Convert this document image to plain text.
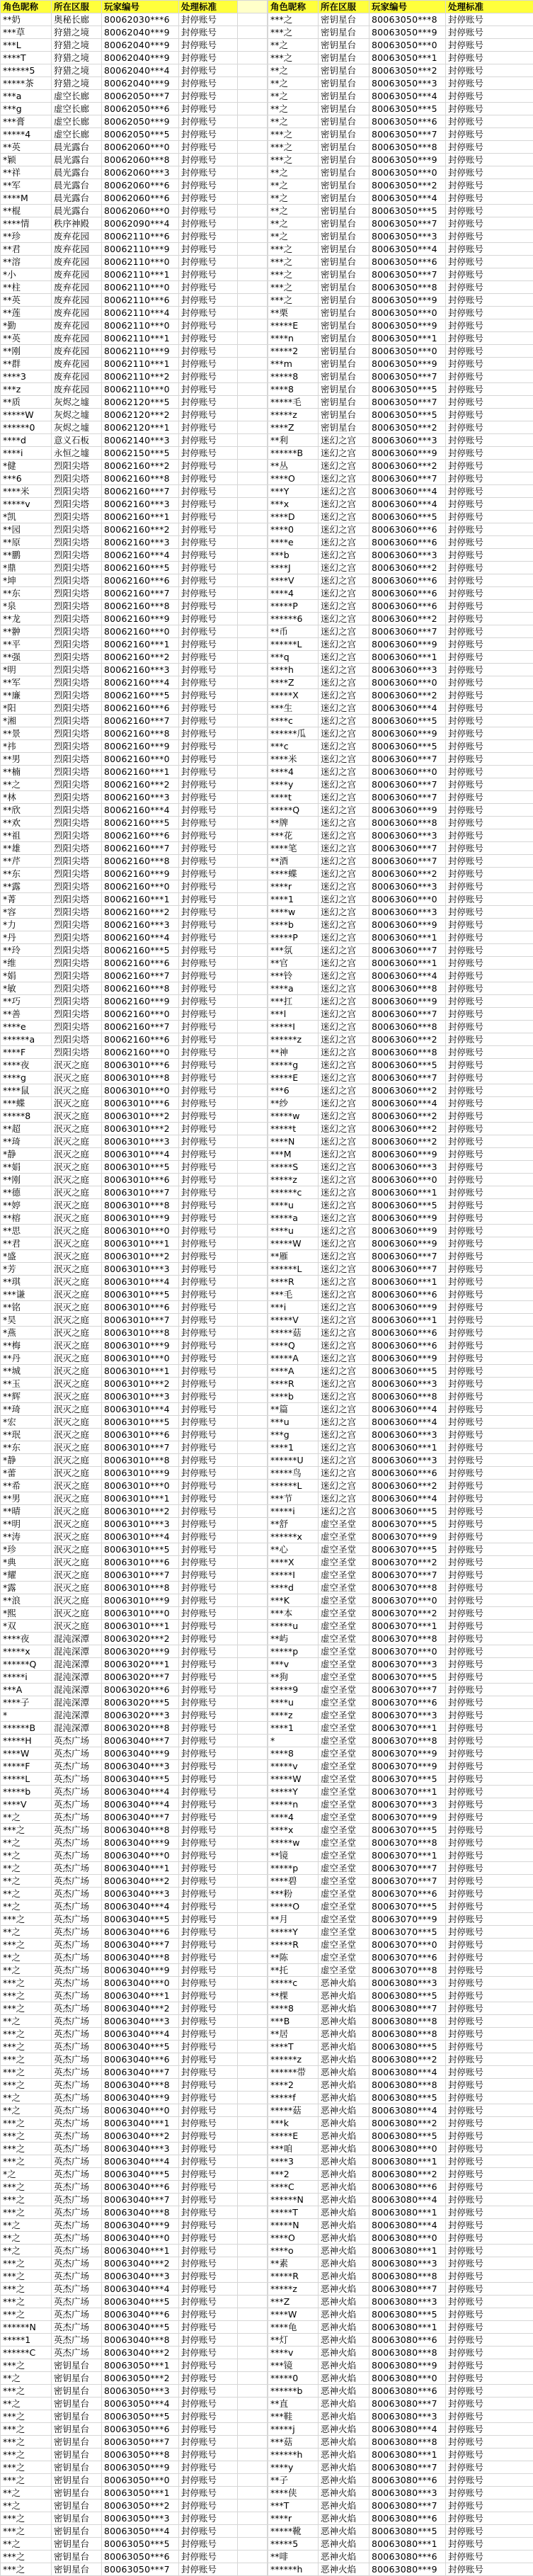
角色昵称	所在区服	玩家编号	处理标准	
**奶	奥秘长廊	80062030***6	封停账号	
***草	狩猎之境	80062040***9	封停账号	
***L	狩猎之境	80062040***9	封停账号	
****T	狩猎之境	80062040***9	封停账号	
******5	狩猎之境	80062040***4	封停账号	
*****茶	狩猎之境	80062040***9	封停账号	
***a	虚空长廊	80062050***7	封停账号	
***g	虚空长廊	80062050***6	封停账号	
***膏	虚空长廊	80062050***9	封停账号	
*****4	虚空长廊	80062050***5	封停账号	
**英	晨光露台	80062060***0	封停账号	
*颖	晨光露台	80062060***8	封停账号	
**祥	晨光露台	80062060***3	封停账号	
**军	晨光露台	80062060***6	封停账号	
****M	晨光露台	80062060***6	封停账号	
**棍	晨光露台	80062060***0	封停账号	
****情	秩序神殿	80062090***4	封停账号	
**珍	废弃花园	80062110***6	封停账号	
**君	废弃花园	80062110***9	封停账号	
**溶	废弃花园	80062110***0	封停账号	
*小	废弃花园	80062110***1	封停账号	
**柱	废弃花园	80062110***0	封停账号	
**英	废弃花园	80062110***6	封停账号	
**莲	废弃花园	80062110***4	封停账号	
*勤	废弃花园	80062110***0	封停账号	
**英	废弃花园	80062110***1	封停账号	
**刚	废弃花园	80062110***9	封停账号	
**群	废弃花园	80062110***1	封停账号	
****3	废弃花园	80062110***2	封停账号	
***z	废弃花园	80062110***0	封停账号	
**质	灰烬之墟	80062120***5	封停账号	
*****W	灰烬之墟	80062120***2	封停账号	
******0	灰烬之墟	80062120***1	封停账号	
****d	意义石板	80062140***3	封停账号	
****i	永恒之墟	80062150***5	封停账号	
*健	烈阳尖塔	80062160***2	封停账号	
***6	烈阳尖塔	80062160***8	封停账号	
****米	烈阳尖塔	80062160***7	封停账号	
*****v	烈阳尖塔	80062160***3	封停账号	
*凯	烈阳尖塔	80062160***1	封停账号	
**园	烈阳尖塔	80062160***2	封停账号	
**原	烈阳尖塔	80062160***3	封停账号	
**鹏	烈阳尖塔	80062160***4	封停账号	
*鼎	烈阳尖塔	80062160***5	封停账号	
*坤	烈阳尖塔	80062160***6	封停账号	
**东	烈阳尖塔	80062160***7	封停账号	
*泉	烈阳尖塔	80062160***8	封停账号	
**龙	烈阳尖塔	80062160***9	封停账号	
**翀	烈阳尖塔	80062160***0	封停账号	
**平	烈阳尖塔	80062160***1	封停账号	
**强	烈阳尖塔	80062160***2	封停账号	
*明	烈阳尖塔	80062160***3	封停账号	
**军	烈阳尖塔	80062160***4	封停账号	
**廉	烈阳尖塔	80062160***5	封停账号	
*阳	烈阳尖塔	80062160***6	封停账号	
*湘	烈阳尖塔	80062160***7	封停账号	
**景	烈阳尖塔	80062160***8	封停账号	
*祎	烈阳尖塔	80062160***9	封停账号	
**男	烈阳尖塔	80062160***0	封停账号	
**楠	烈阳尖塔	80062160***1	封停账号	
**之	烈阳尖塔	80062160***2	封停账号	
*林	烈阳尖塔	80062160***3	封停账号	
**欣	烈阳尖塔	80062160***4	封停账号	
**欢	烈阳尖塔	80062160***5	封停账号	
**祖	烈阳尖塔	80062160***6	封停账号	
**雄	烈阳尖塔	80062160***7	封停账号	
**芹	烈阳尖塔	80062160***8	封停账号	
**东	烈阳尖塔	80062160***9	封停账号	
**露	烈阳尖塔	80062160***0	封停账号	
*菁	烈阳尖塔	80062160***1	封停账号	
*容	烈阳尖塔	80062160***2	封停账号	
*力	烈阳尖塔	80062160***3	封停账号	
*丹	烈阳尖塔	80062160***4	封停账号	
**玲	烈阳尖塔	80062160***5	封停账号	
*维	烈阳尖塔	80062160***6	封停账号	
*娟	烈阳尖塔	80062160***7	封停账号	
*敏	烈阳尖塔	80062160***8	封停账号	
**巧	烈阳尖塔	80062160***9	封停账号	
**善	烈阳尖塔	80062160***0	封停账号	
****e	烈阳尖塔	80062160***7	封停账号	
******a	烈阳尖塔	80062160***6	封停账号	
****F	烈阳尖塔	80062160***0	封停账号	
****夜	泯灭之庭	80063010***6	封停账号	
****g	泯灭之庭	80063010***8	封停账号	
****鼠	泯灭之庭	80063010***0	封停账号	
***蝶	泯灭之庭	80063010***6	封停账号	
*****8	泯灭之庭	80063010***2	封停账号	
**超	泯灭之庭	80063010***2	封停账号	
**琦	泯灭之庭	80063010***3	封停账号	
*静	泯灭之庭	80063010***4	封停账号	
**娟	泯灭之庭	80063010***5	封停账号	
**刚	泯灭之庭	80063010***6	封停账号	
**德	泯灭之庭	80063010***7	封停账号	
**婷	泯灭之庭	80063010***8	封停账号	
**榕	泯灭之庭	80063010***9	封停账号	
**思	泯灭之庭	80063010***0	封停账号	
**君	泯灭之庭	80063010***1	封停账号	
*盛	泯灭之庭	80063010***2	封停账号	
*芳	泯灭之庭	80063010***3	封停账号	
**琪	泯灭之庭	80063010***4	封停账号	
***谦	泯灭之庭	80063010***5	封停账号	
**铭	泯灭之庭	80063010***6	封停账号	
*昊	泯灭之庭	80063010***7	封停账号	
*燕	泯灭之庭	80063010***8	封停账号	
**梅	泯灭之庭	80063010***9	封停账号	
**丹	泯灭之庭	80063010***0	封停账号	
**城	泯灭之庭	80063010***1	封停账号	
**玉	泯灭之庭	80063010***2	封停账号	
**辉	泯灭之庭	80063010***3	封停账号	
**琦	泯灭之庭	80063010***4	封停账号	
*宏	泯灭之庭	80063010***5	封停账号	
**珉	泯灭之庭	80063010***6	封停账号	
**东	泯灭之庭	80063010***7	封停账号	
*静	泯灭之庭	80063010***8	封停账号	
*蕾	泯灭之庭	80063010***9	封停账号	
**希	泯灭之庭	80063010***0	封停账号	
**男	泯灭之庭	80063010***1	封停账号	
**晴	泯灭之庭	80063010***2	封停账号	
**明	泯灭之庭	80063010***3	封停账号	
**涛	泯灭之庭	80063010***4	封停账号	
*珍	泯灭之庭	80063010***5	封停账号	
*典	泯灭之庭	80063010***6	封停账号	
*耀	泯灭之庭	80063010***7	封停账号	
*露	泯灭之庭	80063010***8	封停账号	
**浪	泯灭之庭	80063010***9	封停账号	
*熙	泯灭之庭	80063010***0	封停账号	
*双	泯灭之庭	80063010***1	封停账号	
****夜	混沌深潭	80063020***2	封停账号	
*****x	混沌深潭	80063020***9	封停账号	
******Q	混沌深潭	80063020***1	封停账号	
*****i	混沌深潭	80063020***7	封停账号	
***A	混沌深潭	80063020***6	封停账号	
****子	混沌深潭	80063020***5	封停账号	
*	混沌深潭	80063020***3	封停账号	
******B	混沌深潭	80063020***8	封停账号	
*****H	英杰广场	80063040***7	封停账号	
****W	英杰广场	80063040***9	封停账号	
*****F	英杰广场	80063040***3	封停账号	
*****L	英杰广场	80063040***5	封停账号	
*****b	英杰广场	80063040***4	封停账号	
****V	英杰广场	80063040***4	封停账号	
**之	英杰广场	80063040***7	封停账号	
***之	英杰广场	80063040***8	封停账号	
**之	英杰广场	80063040***9	封停账号	
**之	英杰广场	80063040***0	封停账号	
**之	英杰广场	80063040***1	封停账号	
**之	英杰广场	80063040***2	封停账号	
**之	英杰广场	80063040***3	封停账号	
**之	英杰广场	80063040***4	封停账号	
***之	英杰广场	80063040***5	封停账号	
**之	英杰广场	80063040***6	封停账号	
***之	英杰广场	80063040***7	封停账号	
**之	英杰广场	80063040***8	封停账号	
**之	英杰广场	80063040***9	封停账号	
***之	英杰广场	80063040***0	封停账号	
***之	英杰广场	80063040***1	封停账号	
***之	英杰广场	80063040***2	封停账号	
**之	英杰广场	80063040***3	封停账号	
***之	英杰广场	80063040***4	封停账号	
***之	英杰广场	80063040***5	封停账号	
***之	英杰广场	80063040***6	封停账号	
***之	英杰广场	80063040***7	封停账号	
***之	英杰广场	80063040***8	封停账号	
**之	英杰广场	80063040***9	封停账号	
**之	英杰广场	80063040***0	封停账号	
***之	英杰广场	80063040***1	封停账号	
***之	英杰广场	80063040***2	封停账号	
***之	英杰广场	80063040***3	封停账号	
***之	英杰广场	80063040***4	封停账号	
*之	英杰广场	80063040***5	封停账号	
***之	英杰广场	80063040***6	封停账号	
***之	英杰广场	80063040***7	封停账号	
***之	英杰广场	80063040***8	封停账号	
**之	英杰广场	80063040***9	封停账号	
**之	英杰广场	80063040***0	封停账号	
**之	英杰广场	80063040***1	封停账号	
***之	英杰广场	80063040***2	封停账号	
***之	英杰广场	80063040***3	封停账号	
***之	英杰广场	80063040***4	封停账号	
***之	英杰广场	80063040***5	封停账号	
***之	英杰广场	80063040***6	封停账号	
******N	英杰广场	80063040***5	封停账号	
*****1	英杰广场	80063040***8	封停账号	
******C	英杰广场	80063040***2	封停账号	
***之	密钥星台	80063050***1	封停账号	
**之	密钥星台	80063050***2	封停账号	
***之	密钥星台	80063050***3	封停账号	
**之	密钥星台	80063050***4	封停账号	
***之	密钥星台	80063050***5	封停账号	
***之	密钥星台	80063050***6	封停账号	
***之	密钥星台	80063050***7	封停账号	
***之	密钥星台	80063050***8	封停账号	
***之	密钥星台	80063050***9	封停账号	
***之	密钥星台	80063050***0	封停账号	
**之	密钥星台	80063050***1	封停账号	
**之	密钥星台	80063050***2	封停账号	
***之	密钥星台	80063050***3	封停账号	
***之	密钥星台	80063050***4	封停账号	
**之	密钥星台	80063050***5	封停账号	
***之	密钥星台	80063050***6	封停账号	
***之	密钥星台	80063050***7	封停账号	
角色昵称	所在区服	玩家编号	处理标准
***之	密钥星台	80063050***8	封停账号
***之	密钥星台	80063050***9	封停账号
**之	密钥星台	80063050***0	封停账号
***之	密钥星台	80063050***1	封停账号
**之	密钥星台	80063050***2	封停账号
**之	密钥星台	80063050***3	封停账号
**之	密钥星台	80063050***4	封停账号
**之	密钥星台	80063050***5	封停账号
**之	密钥星台	80063050***6	封停账号
***之	密钥星台	80063050***7	封停账号
***之	密钥星台	80063050***8	封停账号
***之	密钥星台	80063050***9	封停账号
**之	密钥星台	80063050***0	封停账号
**之	密钥星台	80063050***2	封停账号
**之	密钥星台	80063050***4	封停账号
**之	密钥星台	80063050***5	封停账号
**之	密钥星台	80063050***7	封停账号
**之	密钥星台	80063050***3	封停账号
***之	密钥星台	80063050***4	封停账号
***之	密钥星台	80063050***6	封停账号
***之	密钥星台	80063050***7	封停账号
***之	密钥星台	80063050***8	封停账号
***之	密钥星台	80063050***9	封停账号
**栗	密钥星台	80063050***0	封停账号
*****E	密钥星台	80063050***9	封停账号
****n	密钥星台	80063050***1	封停账号
*****2	密钥星台	80063050***0	封停账号
***m	密钥星台	80063050***9	封停账号
*****8	密钥星台	80063050***7	封停账号
****8	密钥星台	80063050***5	封停账号
*****毛	密钥星台	80063050***7	封停账号
*****z	密钥星台	80063050***5	封停账号
****Z	密钥星台	80063050***2	封停账号
**利	迷幻之宫	80063060***3	封停账号
******B	迷幻之宫	80063060***9	封停账号
**丛	迷幻之宫	80063060***2	封停账号
****O	迷幻之宫	80063060***7	封停账号
***Y	迷幻之宫	80063060***4	封停账号
***x	迷幻之宫	80063060***4	封停账号
****D	迷幻之宫	80063060***5	封停账号
****0	迷幻之宫	80063060***6	封停账号
****e	迷幻之宫	80063060***6	封停账号
***b	迷幻之宫	80063060***3	封停账号
****J	迷幻之宫	80063060***2	封停账号
****V	迷幻之宫	80063060***6	封停账号
****4	迷幻之宫	80063060***6	封停账号
*****P	迷幻之宫	80063060***6	封停账号
******6	迷幻之宫	80063060***2	封停账号
**币	迷幻之宫	80063060***7	封停账号
******L	迷幻之宫	80063060***9	封停账号
***q	迷幻之宫	80063060***1	封停账号
****h	迷幻之宫	80063060***3	封停账号
****Z	迷幻之宫	80063060***0	封停账号
*****X	迷幻之宫	80063060***2	封停账号
***生	迷幻之宫	80063060***4	封停账号
****c	迷幻之宫	80063060***5	封停账号
******瓜	迷幻之宫	80063060***9	封停账号
***c	迷幻之宫	80063060***5	封停账号
****米	迷幻之宫	80063060***7	封停账号
****4	迷幻之宫	80063060***0	封停账号
****y	迷幻之宫	80063060***7	封停账号
****t	迷幻之宫	80063060***7	封停账号
*****Q	迷幻之宫	80063060***9	封停账号
**牌	迷幻之宫	80063060***8	封停账号
***花	迷幻之宫	80063060***3	封停账号
****笔	迷幻之宫	80063060***7	封停账号
**酒	迷幻之宫	80063060***7	封停账号
****蝶	迷幻之宫	80063060***2	封停账号
****r	迷幻之宫	80063060***3	封停账号
****1	迷幻之宫	80063060***0	封停账号
****w	迷幻之宫	80063060***3	封停账号
****b	迷幻之宫	80063060***9	封停账号
*****P	迷幻之宫	80063060***1	封停账号
***氛	迷幻之宫	80063060***7	封停账号
**官	迷幻之宫	80063060***1	封停账号
***铃	迷幻之宫	80063060***4	封停账号
****a	迷幻之宫	80063060***8	封停账号
***扛	迷幻之宫	80063060***9	封停账号
***l	迷幻之宫	80063060***7	封停账号
*****I	迷幻之宫	80063060***8	封停账号
******z	迷幻之宫	80063060***2	封停账号
**神	迷幻之宫	80063060***8	封停账号
*****g	迷幻之宫	80063060***5	封停账号
*****E	迷幻之宫	80063060***7	封停账号
***6	迷幻之宫	80063060***2	封停账号
**纱	迷幻之宫	80063060***4	封停账号
*****w	迷幻之宫	80063060***2	封停账号
*****t	迷幻之宫	80063060***2	封停账号
****N	迷幻之宫	80063060***2	封停账号
***M	迷幻之宫	80063060***9	封停账号
*****S	迷幻之宫	80063060***3	封停账号
*****z	迷幻之宫	80063060***0	封停账号
******c	迷幻之宫	80063060***1	封停账号
****u	迷幻之宫	80063060***5	封停账号
*****a	迷幻之宫	80063060***9	封停账号
****u	迷幻之宫	80063060***9	封停账号
*****W	迷幻之宫	80063060***9	封停账号
**雁	迷幻之宫	80063060***7	封停账号
******L	迷幻之宫	80063060***7	封停账号
****R	迷幻之宫	80063060***1	封停账号
***毛	迷幻之宫	80063060***6	封停账号
***i	迷幻之宫	80063060***9	封停账号
*****V	迷幻之宫	80063060***1	封停账号
*****菇	迷幻之宫	80063060***6	封停账号
****Q	迷幻之宫	80063060***6	封停账号
*****A	迷幻之宫	80063060***9	封停账号
****A	迷幻之宫	80063060***5	封停账号
****R	迷幻之宫	80063060***3	封停账号
****b	迷幻之宫	80063060***8	封停账号
**篇	迷幻之宫	80063060***4	封停账号
***u	迷幻之宫	80063060***4	封停账号
***g	迷幻之宫	80063060***3	封停账号
****1	迷幻之宫	80063060***1	封停账号
******U	迷幻之宫	80063060***3	封停账号
*****鸟	迷幻之宫	80063060***6	封停账号
******L	迷幻之宫	80063060***2	封停账号
***节	迷幻之宫	80063060***4	封停账号
*****i	迷幻之宫	80063060***5	封停账号
**舒	虚空圣堂	80063070***5	封停账号
******x	虚空圣堂	80063070***9	封停账号
**心	虚空圣堂	80063070***5	封停账号
****X	虚空圣堂	80063070***2	封停账号
*****I	虚空圣堂	80063070***7	封停账号
****d	虚空圣堂	80063070***8	封停账号
***K	虚空圣堂	80063070***0	封停账号
***本	虚空圣堂	80063070***2	封停账号
*****u	虚空圣堂	80063070***1	封停账号
**屿	虚空圣堂	80063070***8	封停账号
*****p	虚空圣堂	80063070***0	封停账号
***v	虚空圣堂	80063070***3	封停账号
**狗	虚空圣堂	80063070***5	封停账号
*****9	虚空圣堂	80063070***7	封停账号
****u	虚空圣堂	80063070***6	封停账号
****z	虚空圣堂	80063070***3	封停账号
****1	虚空圣堂	80063070***1	封停账号
*	虚空圣堂	80063070***8	封停账号
****8	虚空圣堂	80063070***9	封停账号
*****v	虚空圣堂	80063070***9	封停账号
*****W	虚空圣堂	80063070***5	封停账号
*****Y	虚空圣堂	80063070***1	封停账号
*****n	虚空圣堂	80063070***3	封停账号
****4	虚空圣堂	80063070***9	封停账号
****x	虚空圣堂	80063070***5	封停账号
*****w	虚空圣堂	80063070***8	封停账号
**镜	虚空圣堂	80063070***1	封停账号
*****p	虚空圣堂	80063070***7	封停账号
****碧	虚空圣堂	80063070***7	封停账号
***粉	虚空圣堂	80063070***6	封停账号
*****O	虚空圣堂	80063070***5	封停账号
**月	虚空圣堂	80063070***9	封停账号
*****Y	虚空圣堂	80063070***5	封停账号
*****R	虚空圣堂	80063070***0	封停账号
**陈	虚空圣堂	80063070***6	封停账号
**托	虚空圣堂	80063070***8	封停账号
*****c	恶神火焰	80063080***3	封停账号
**棵	恶神火焰	80063080***5	封停账号
****8	恶神火焰	80063080***7	封停账号
***B	恶神火焰	80063080***8	封停账号
**居	恶神火焰	80063080***8	封停账号
****T	恶神火焰	80063080***5	封停账号
******z	恶神火焰	80063080***2	封停账号
******带	恶神火焰	80063080***4	封停账号
****2	恶神火焰	80063080***8	封停账号
*****f	恶神火焰	80063080***5	封停账号
*****菇	恶神火焰	80063080***4	封停账号
***k	恶神火焰	80063080***2	封停账号
*****E	恶神火焰	80063080***5	封停账号
***咱	恶神火焰	80063080***0	封停账号
****3	恶神火焰	80063080***1	封停账号
***2	恶神火焰	80063080***2	封停账号
****C	恶神火焰	80063080***6	封停账号
******N	恶神火焰	80063080***4	封停账号
*****T	恶神火焰	80063080***1	封停账号
*****N	恶神火焰	80063080***4	封停账号
****O	恶神火焰	80063080***0	封停账号
****o	恶神火焰	80063080***1	封停账号
**素	恶神火焰	80063080***3	封停账号
*****R	恶神火焰	80063080***8	封停账号
*****z	恶神火焰	80063080***7	封停账号
***Z	恶神火焰	80063080***3	封停账号
****W	恶神火焰	80063080***5	封停账号
****龟	恶神火焰	80063080***1	封停账号
**灯	恶神火焰	80063080***6	封停账号
****v	恶神火焰	80063080***8	封停账号
***镜	恶神火焰	80063080***9	封停账号
*****0	恶神火焰	80063080***0	封停账号
******b	恶神火焰	80063080***6	封停账号
**直	恶神火焰	80063080***7	封停账号
***鞋	恶神火焰	80063080***3	封停账号
*****j	恶神火焰	80063080***4	封停账号
***菇	恶神火焰	80063080***8	封停账号
******h	恶神火焰	80063080***1	封停账号
****y	恶神火焰	80063080***7	封停账号
**子	恶神火焰	80063080***6	封停账号
****侠	恶神火焰	80063080***3	封停账号
***T	恶神火焰	80063080***7	封停账号
****r	恶神火焰	80063080***6	封停账号
*****靴	恶神火焰	80063080***5	封停账号
*****5	恶神火焰	80063080***1	封停账号
**啡	恶神火焰	80063080***6	封停账号
******h	恶神火焰	80063080***9	封停账号
